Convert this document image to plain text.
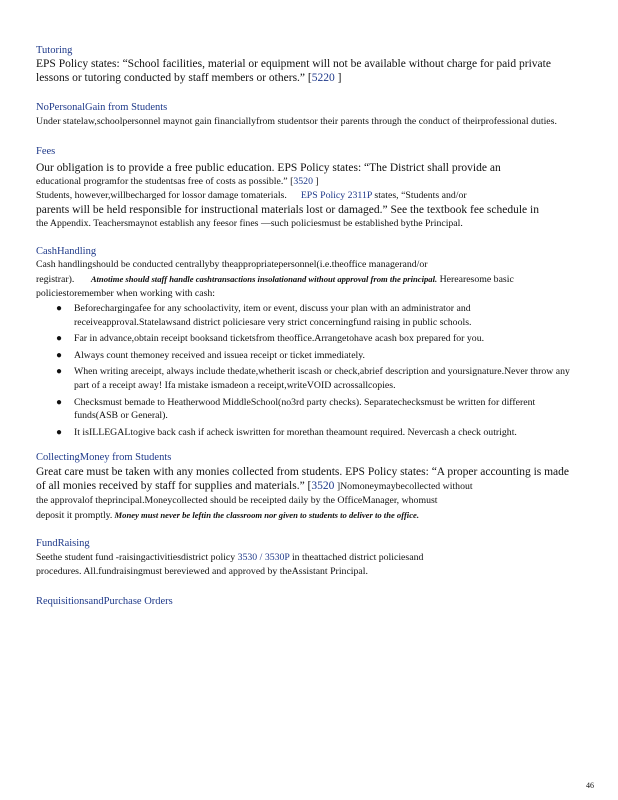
Tutoring

EPS Policy states: “School facilities, material or equipment will not be available without charge for paid private lessons or tutoring conducted by staff members or others.” [5220 ]

NoPersonalGain from Students

Under statelaw,schoolpersonnel maynot gain financiallyfrom studentsor their parents through the conduct of theirprofessional duties.

Fees

Our obligation is to provide a free public education. EPS Policy states: “The District shall provide an
educational programfor the studentsas free of costs as possible.” [3520 ]
Students, however,willbecharged for lossor damage tomaterials. EPS Policy 2311P states, “Students and/or
parents will be held responsible for instructional materials lost or damaged.” See the textbook fee schedule in
the Appendix. Teachersmaynot establish any feesor fines —such policiesmust be established bythe Principal.

CashHandling

Cash handlingshould be conducted centrallyby theappropriatepersonnel(i.e.theoffice managerand/or
registrar). Atnotime should staff handle cashtransactions insolationand without approval from the principal. Herearesome basic policiestoremember when working with cash:
● Beforechargingafee for any schoolactivity, item or event, discuss your plan with an administrator and receiveapproval.Statelawsand district policiesare very strict concerningfund raising in public schools.
● Far in advance,obtain receipt booksand ticketsfrom theoffice.Arrangetohave acash box prepared for you.
● Always count themoney received and issuea receipt or ticket immediately.
● When writing areceipt, always include thedate,whetherit iscash or check,abrief description and yoursignature.Never throw any part of a receipt away! Ifa mistake ismadeon a receipt,writeVOID acrossallcopies.
● Checksmust bemade to Heatherwood MiddleSchool(no3rd party checks). Separatechecksmust be written for different funds(ASB or General).
● It isILLEGALtogive back cash if acheck iswritten for morethan theamount required. Nevercash a check outright.

CollectingMoney from Students

Great care must be taken with any monies collected from students. EPS Policy states: “A proper accounting is made of all monies received by staff for supplies and materials.” [3520 ]Nomoneymaybecollected without
the approvalof theprincipal.Moneycollected should be receipted daily by the OfficeManager, whomust
deposit it promptly. Money must never be leftin the classroom nor given to students to deliver to the office.

FundRaising

Seethe student fund -raisingactivitiesdistrict policy 3530 / 3530P in theattached district policiesand
procedures. All.fundraisingmust bereviewed and approved by theAssistant Principal.

RequisitionsandPurchase Orders

46
